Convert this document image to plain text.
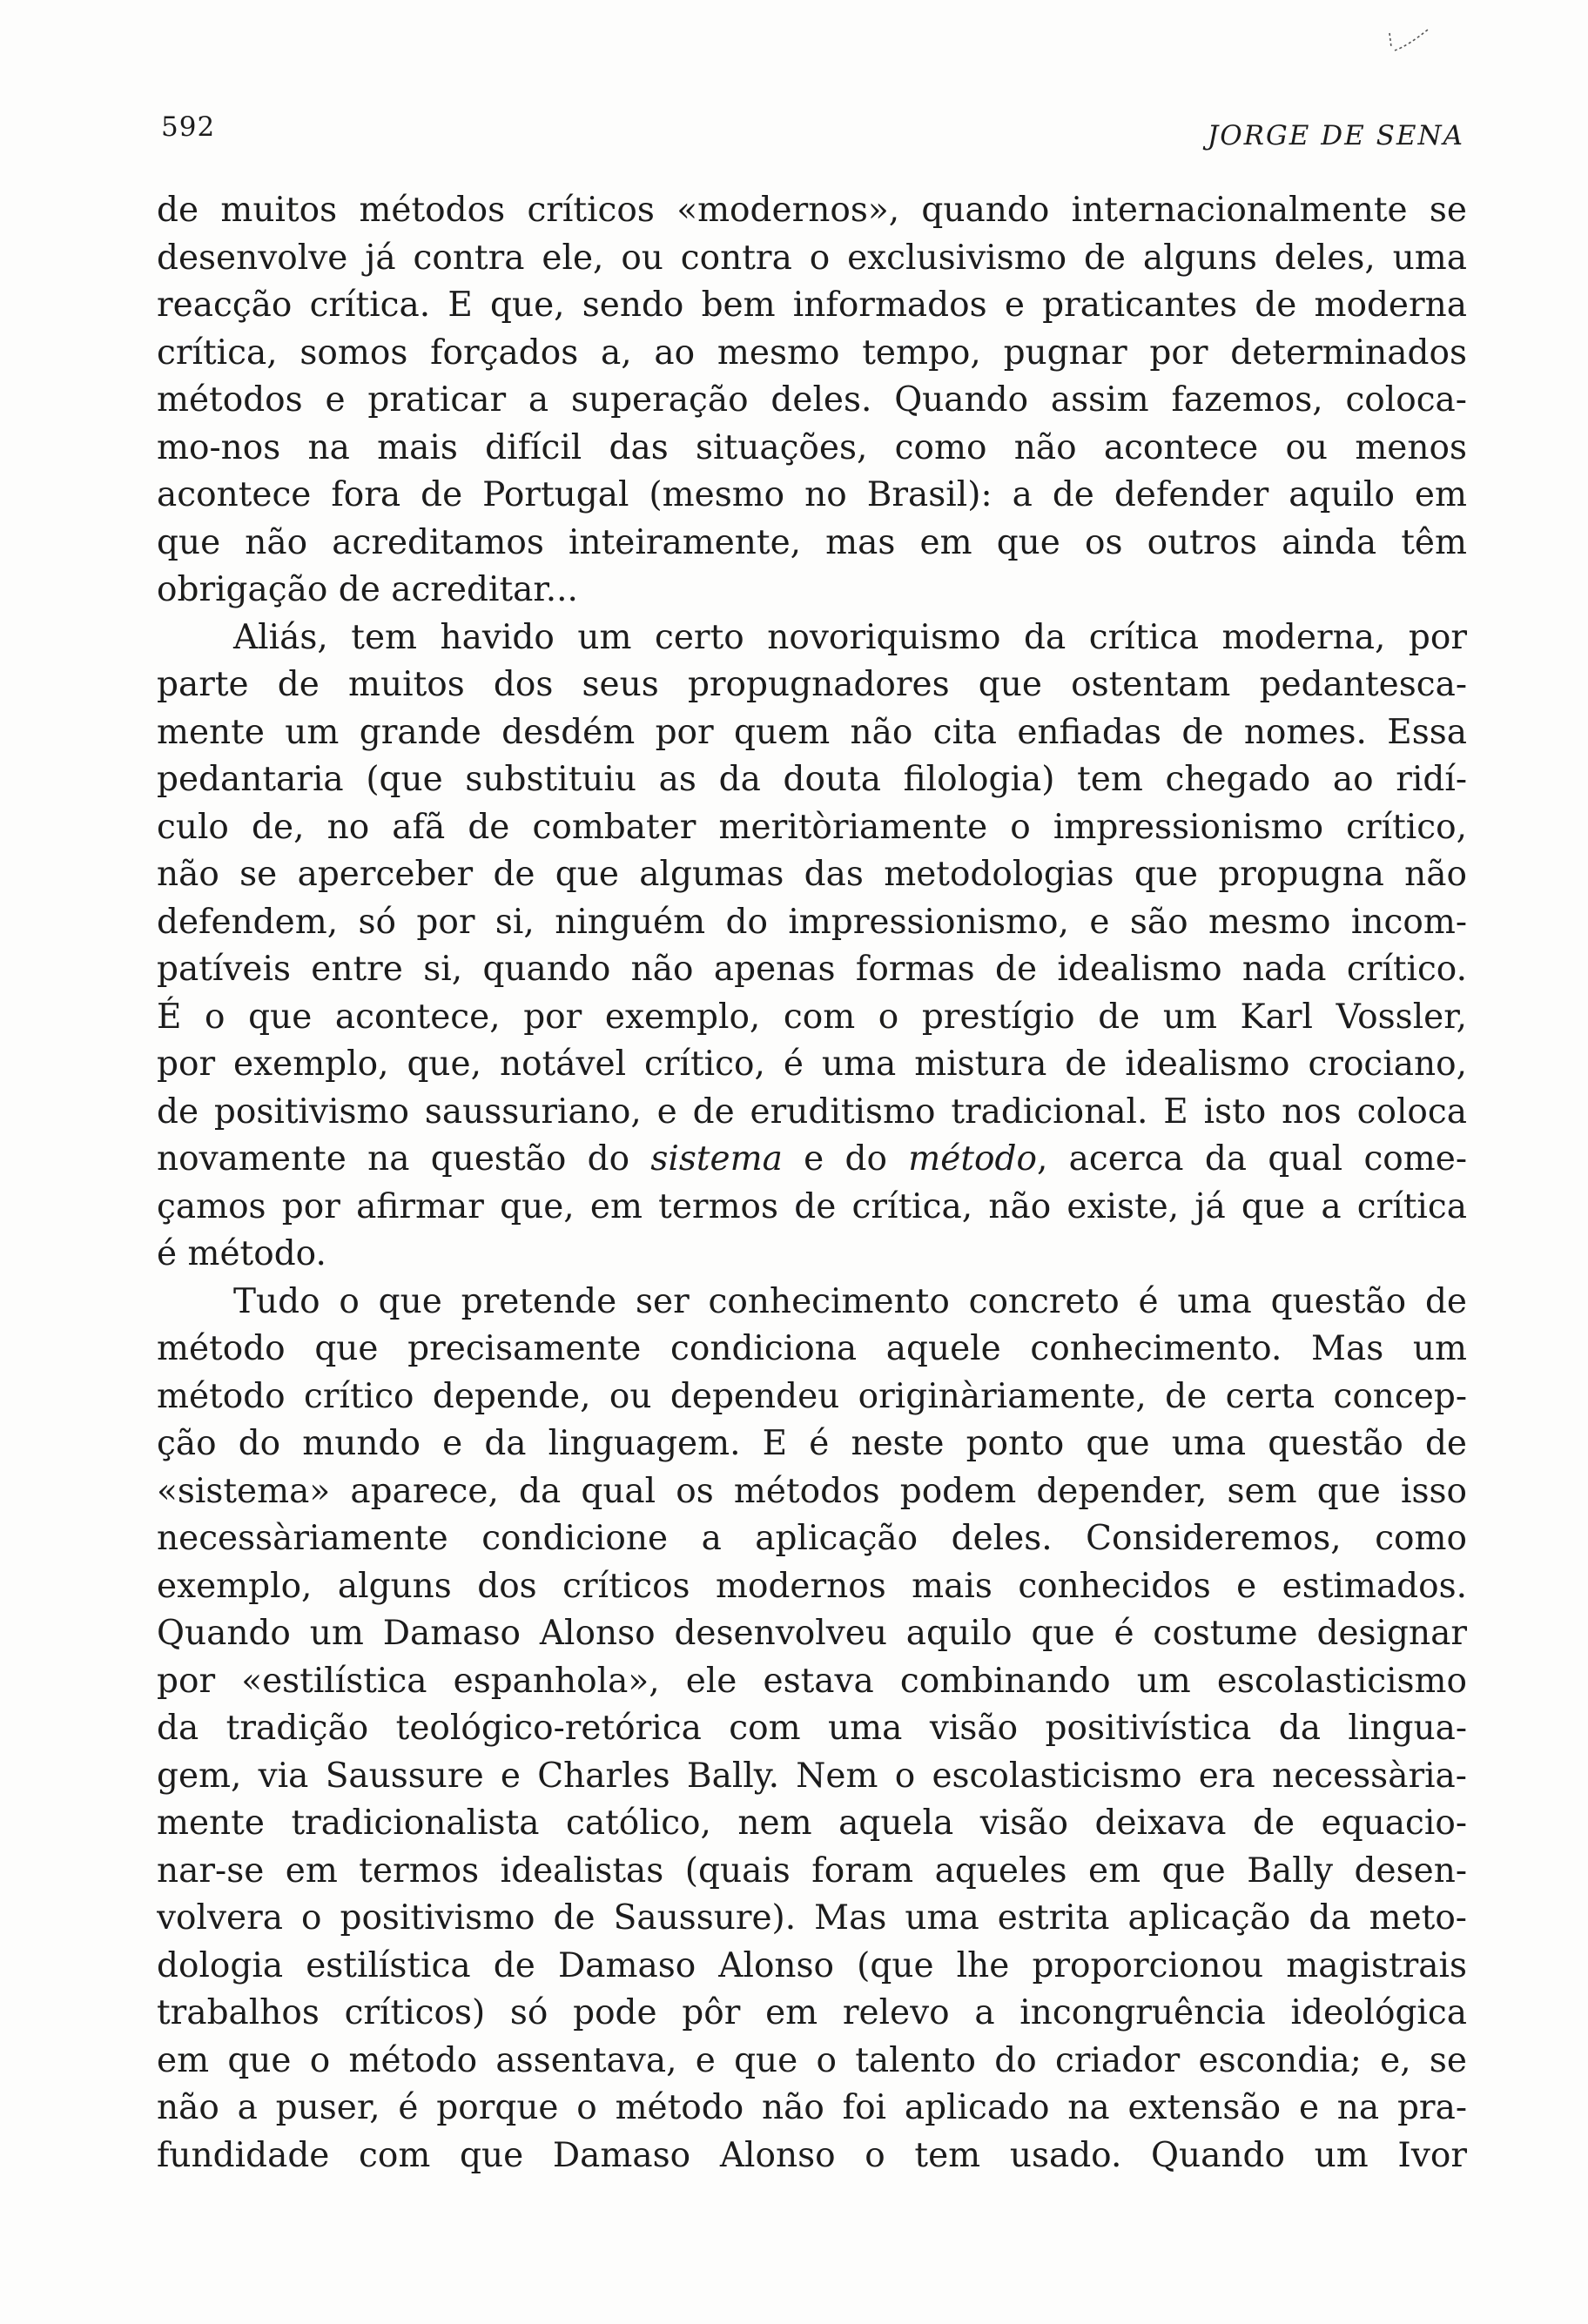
592	JORGE DE SENA
de muitos métodos críticos «modernos», quando internacionalmente se
desenvolve já contra ele, ou contra o exclusivismo de alguns deles, uma
reacção crítica. E que, sendo bem informados e praticantes de moderna
crítica, somos forçados a, ao mesmo tempo, pugnar por determinados
métodos e praticar a superação deles. Quando assim fazemos, coloca-
mo-nos na mais difícil das situações, como não acontece ou menos
acontece fora de Portugal (mesmo no Brasil): a de defender aquilo em
que não acreditamos inteiramente, mas em que os outros ainda têm
obrigação de acreditar...
Aliás, tem havido um certo novoriquismo da crítica moderna, por
parte de muitos dos seus propugnadores que ostentam pedantesca-
mente um grande desdém por quem não cita enfiadas de nomes. Essa
pedantaria (que substituiu as da douta filologia) tem chegado ao ridí-
culo de, no afã de combater meritòriamente o impressionismo crítico,
não se aperceber de que algumas das metodologias que propugna não
defendem, só por si, ninguém do impressionismo, e são mesmo incom-
patíveis entre si, quando não apenas formas de idealismo nada crítico.
É o que acontece, por exemplo, com o prestígio de um Karl Vossler,
por exemplo, que, notável crítico, é uma mistura de idealismo crociano,
de positivismo saussuriano, e de eruditismo tradicional. E isto nos coloca
novamente na questão do sistema e do método, acerca da qual come-
çamos por afirmar que, em termos de crítica, não existe, já que a crítica
é método.
Tudo o que pretende ser conhecimento concreto é uma questão de
método que precisamente condiciona aquele conhecimento. Mas um
método crítico depende, ou dependeu originàriamente, de certa concep-
ção do mundo e da linguagem. E é neste ponto que uma questão de
«sistema» aparece, da qual os métodos podem depender, sem que isso
necessàriamente condicione a aplicação deles. Consideremos, como
exemplo, alguns dos críticos modernos mais conhecidos e estimados.
Quando um Damaso Alonso desenvolveu aquilo que é costume designar
por «estilística espanhola», ele estava combinando um escolasticismo
da tradição teológico-retórica com uma visão positivística da lingua-
gem, via Saussure e Charles Bally. Nem o escolasticismo era necessària-
mente tradicionalista católico, nem aquela visão deixava de equacio-
nar-se em termos idealistas (quais foram aqueles em que Bally desen-
volvera o positivismo de Saussure). Mas uma estrita aplicação da meto-
dologia estilística de Damaso Alonso (que lhe proporcionou magistrais
trabalhos críticos) só pode pôr em relevo a incongruência ideológica
em que o método assentava, e que o talento do criador escondia; e, se
não a puser, é porque o método não foi aplicado na extensão e na pra-
fundidade com que Damaso Alonso o tem usado. Quando um Ivor
